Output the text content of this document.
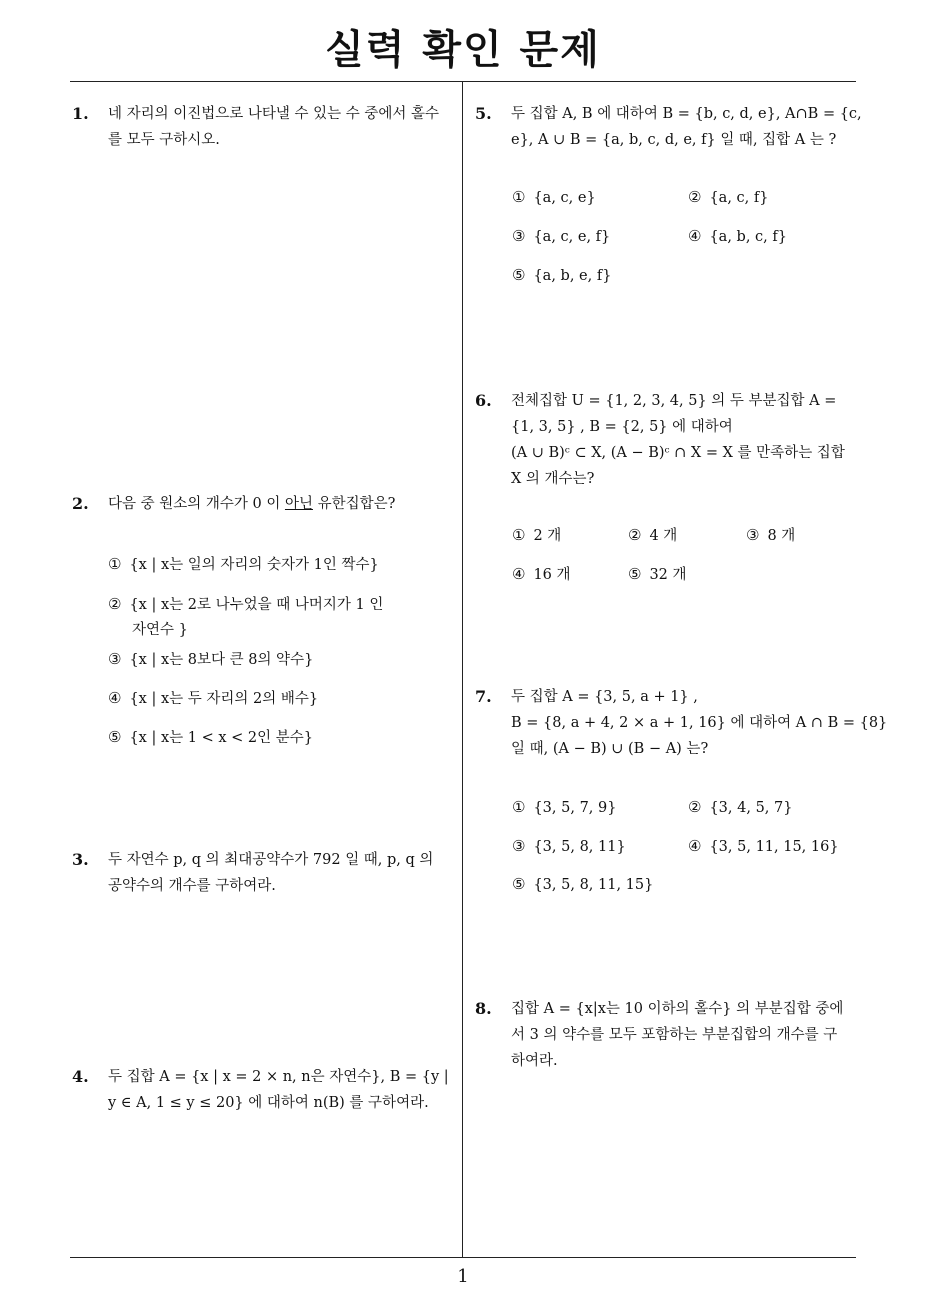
실력 확인 문제
1
1. 네 자리의 이진법으로 나타낼 수 있는 수 중에서 홀수
를 모두 구하시오.
2. 다음 중 원소의 개수가 0 이 아닌 유한집합은?
① {x | x는 일의 자리의 숫자가 1인 짝수}
② {x | x는 2로 나누었을 때 나머지가 1 인
자연수 }
③ {x | x는 8보다 큰 8의 약수}
④ {x | x는 두 자리의 2의 배수}
⑤ {x | x는 1 < x < 2인 분수}
3. 두 자연수 p, q 의 최대공약수가 792 일 때, p, q 의
공약수의 개수를 구하여라.
4. 두 집합 A = {x | x = 2 × n, n은 자연수}, B = {y |
y ∈ A, 1 ≤ y ≤ 20} 에 대하여 n(B) 를 구하여라.
5. 두 집합 A, B 에 대하여 B = {b, c, d, e}, A∩B = {c,
e}, A ∪ B = {a, b, c, d, e, f} 일 때, 집합 A 는 ?
① {a, c, e}	② {a, c, f}
③ {a, c, e, f}	④ {a, b, c, f}
⑤ {a, b, e, f}
6. 전체집합 U = {1, 2, 3, 4, 5} 의 두 부분집합 A =
{1, 3, 5} , B = {2, 5} 에 대하여
(A ∪ B)ᶜ ⊂ X, (A − B)ᶜ ∩ X = X 를 만족하는 집합
X 의 개수는?
① 2 개	② 4 개	③ 8 개
④ 16 개	⑤ 32 개
7. 두 집합 A = {3, 5, a + 1} ,
B = {8, a + 4, 2 × a + 1, 16} 에 대하여 A ∩ B = {8}
일 때, (A − B) ∪ (B − A) 는?
① {3, 5, 7, 9}	② {3, 4, 5, 7}
③ {3, 5, 8, 11}	④ {3, 5, 11, 15, 16}
⑤ {3, 5, 8, 11, 15}
8. 집합 A = {x|x는 10 이하의 홀수} 의 부분집합 중에
서 3 의 약수를 모두 포함하는 부분집합의 개수를 구
하여라.
